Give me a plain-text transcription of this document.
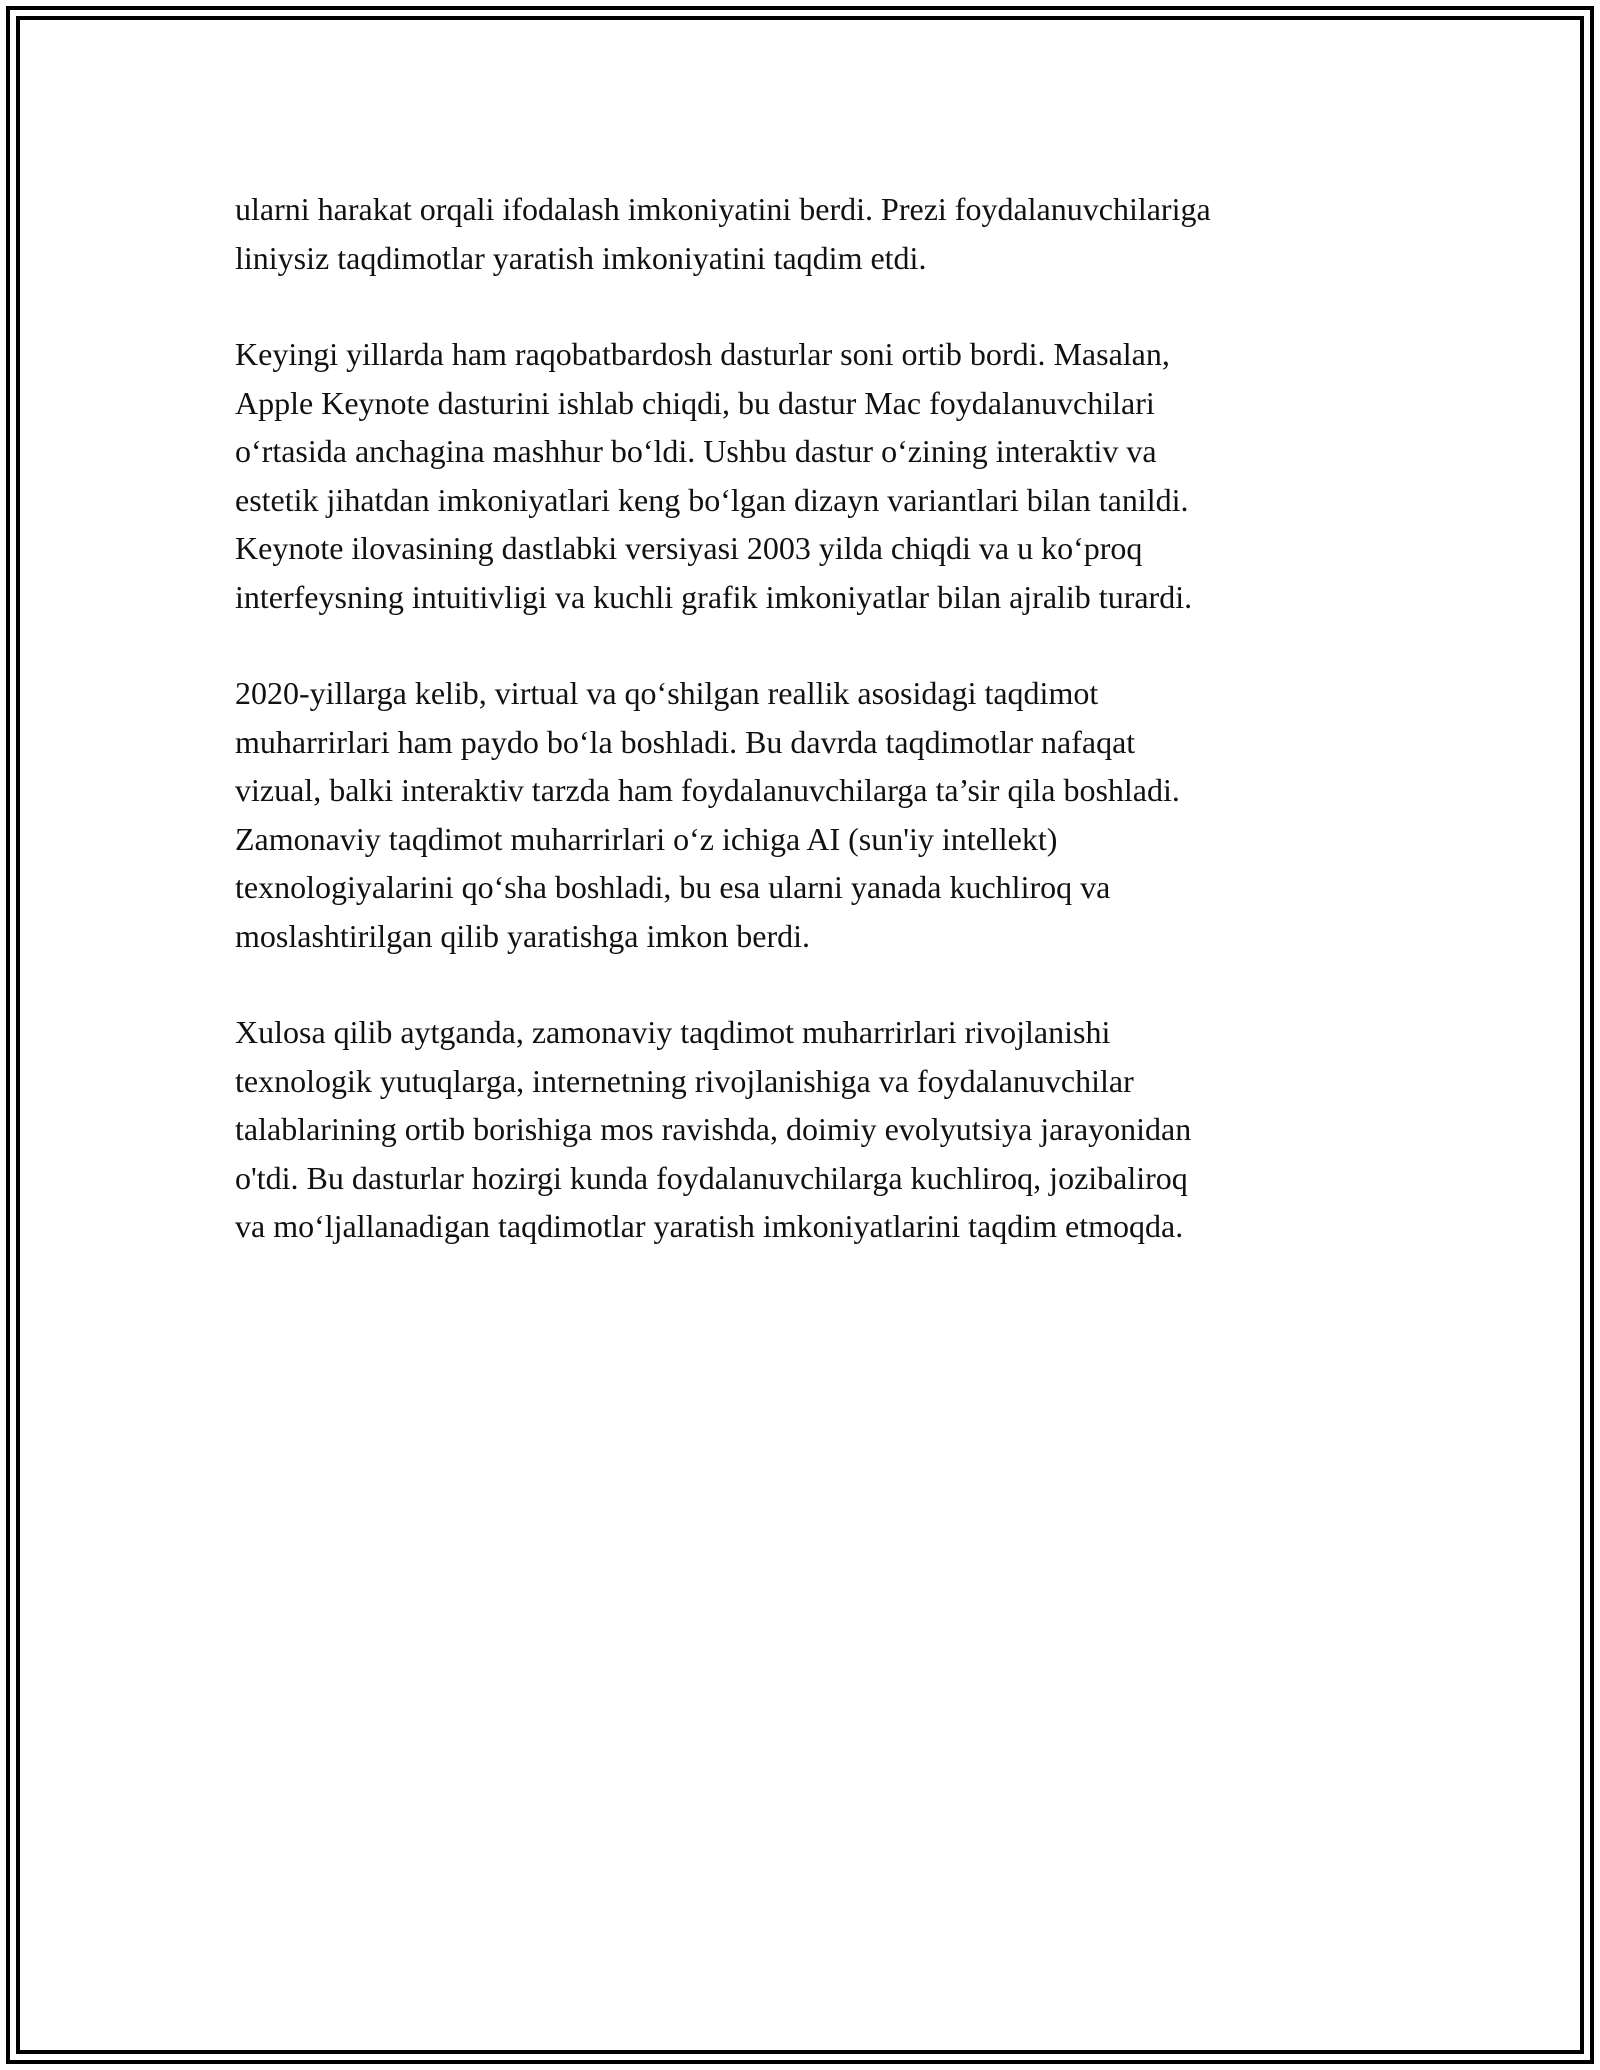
ularni harakat orqali ifodalash imkoniyatini berdi. Prezi foydalanuvchilariga
liniysiz taqdimotlar yaratish imkoniyatini taqdim etdi.

Keyingi yillarda ham raqobatbardosh dasturlar soni ortib bordi. Masalan,
Apple Keynote dasturini ishlab chiqdi, bu dastur Mac foydalanuvchilari
o‘rtasida anchagina mashhur bo‘ldi. Ushbu dastur o‘zining interaktiv va
estetik jihatdan imkoniyatlari keng bo‘lgan dizayn variantlari bilan tanildi.
Keynote ilovasining dastlabki versiyasi 2003 yilda chiqdi va u ko‘proq
interfeysning intuitivligi va kuchli grafik imkoniyatlar bilan ajralib turardi.

2020-yillarga kelib, virtual va qo‘shilgan reallik asosidagi taqdimot
muharrirlari ham paydo bo‘la boshladi. Bu davrda taqdimotlar nafaqat
vizual, balki interaktiv tarzda ham foydalanuvchilarga ta’sir qila boshladi.
Zamonaviy taqdimot muharrirlari o‘z ichiga AI (sun'iy intellekt)
texnologiyalarini qo‘sha boshladi, bu esa ularni yanada kuchliroq va
moslashtirilgan qilib yaratishga imkon berdi.

Xulosa qilib aytganda, zamonaviy taqdimot muharrirlari rivojlanishi
texnologik yutuqlarga, internetning rivojlanishiga va foydalanuvchilar
talablarining ortib borishiga mos ravishda, doimiy evolyutsiya jarayonidan
o'tdi. Bu dasturlar hozirgi kunda foydalanuvchilarga kuchliroq, jozibaliroq
va mo‘ljallanadigan taqdimotlar yaratish imkoniyatlarini taqdim etmoqda.
